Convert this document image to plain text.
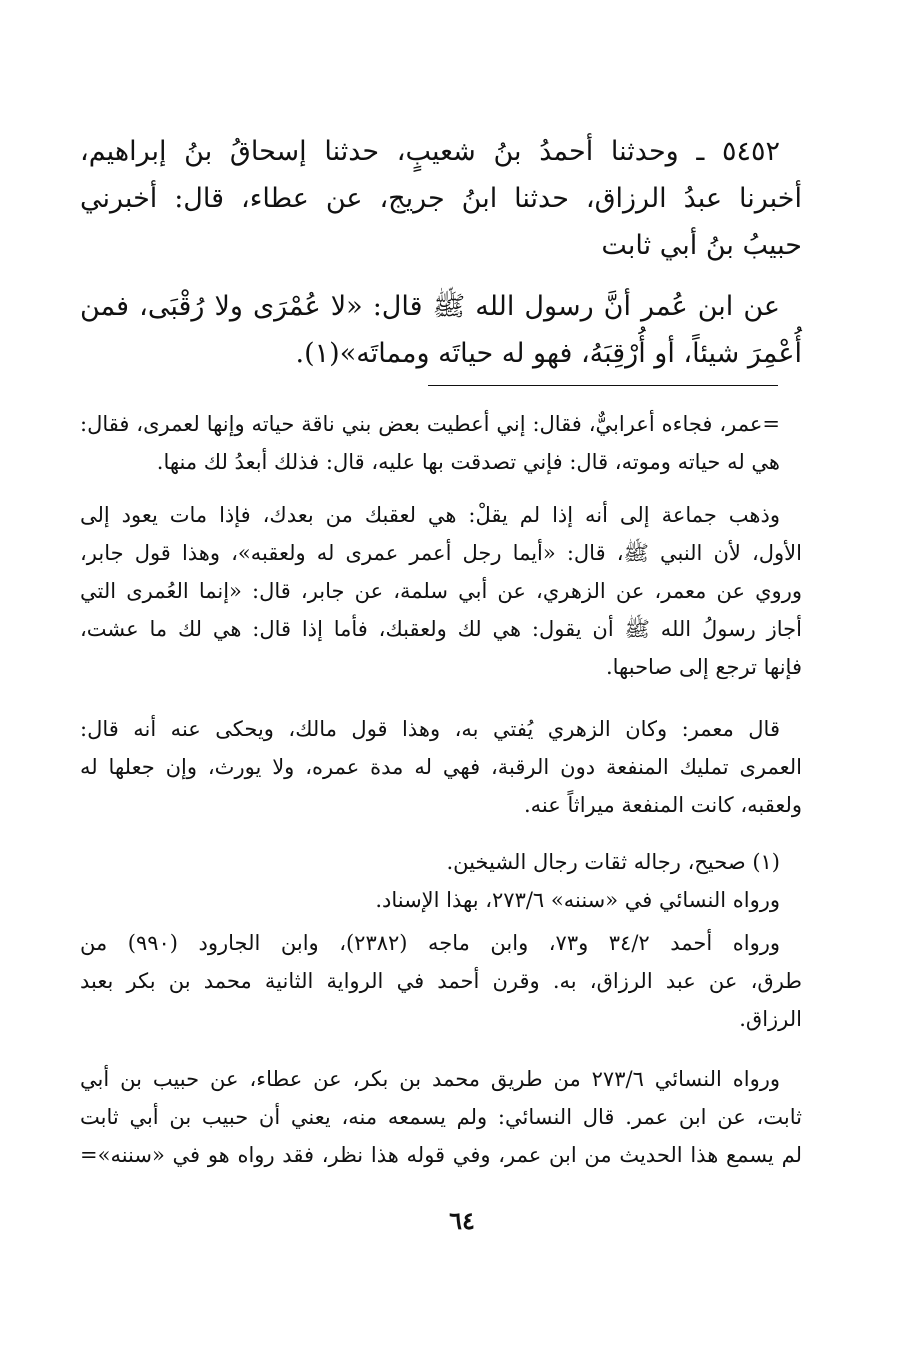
٥٤٥٢ ـ وحدثنا أحمدُ بنُ شعيبٍ، حدثنا إسحاقُ بنُ إبراهيم،
أخبرنا عبدُ الرزاق، حدثنا ابنُ جريج، عن عطاء، قال: أخبرني
حبيبُ بنُ أبي ثابت
عن ابن عُمر أنَّ رسول الله ﷺ قال: «لا عُمْرَى ولا رُقْبَى، فمن
أُعْمِرَ شيئاً، أو أُرْقِبَهُ، فهو له حياتَه ومماتَه»(١).
=عمر، فجاءه أعرابيٌّ، فقال: إني أعطيت بعض بني ناقة حياته وإنها لعمرى، فقال:
هي له حياته وموته، قال: فإني تصدقت بها عليه، قال: فذلك أبعدُ لك منها.
وذهب جماعة إلى أنه إذا لم يقلْ: هي لعقبك من بعدك، فإذا مات يعود إلى
الأول، لأن النبي ﷺ، قال: «أيما رجل أعمر عمرى له ولعقبه»، وهذا قول جابر،
وروي عن معمر، عن الزهري، عن أبي سلمة، عن جابر، قال: «إنما العُمرى التي
أجاز رسولُ الله ﷺ أن يقول: هي لك ولعقبك، فأما إذا قال: هي لك ما عشت،
فإنها ترجع إلى صاحبها.
قال معمر: وكان الزهري يُفتي به، وهذا قول مالك، ويحكى عنه أنه قال:
العمرى تمليك المنفعة دون الرقبة، فهي له مدة عمره، ولا يورث، وإن جعلها له
ولعقبه، كانت المنفعة ميراثاً عنه.
(١) صحيح، رجاله ثقات رجال الشيخين.
ورواه النسائي في «سننه» ٢٧٣/٦، بهذا الإسناد.
ورواه أحمد ٣٤/٢ و٧٣، وابن ماجه (٢٣٨٢)، وابن الجارود (٩٩٠) من
طرق، عن عبد الرزاق، به. وقرن أحمد في الرواية الثانية محمد بن بكر بعبد
الرزاق.
ورواه النسائي ٢٧٣/٦ من طريق محمد بن بكر، عن عطاء، عن حبيب بن أبي
ثابت، عن ابن عمر. قال النسائي: ولم يسمعه منه، يعني أن حبيب بن أبي ثابت
لم يسمع هذا الحديث من ابن عمر، وفي قوله هذا نظر، فقد رواه هو في «سننه»=
٦٤
